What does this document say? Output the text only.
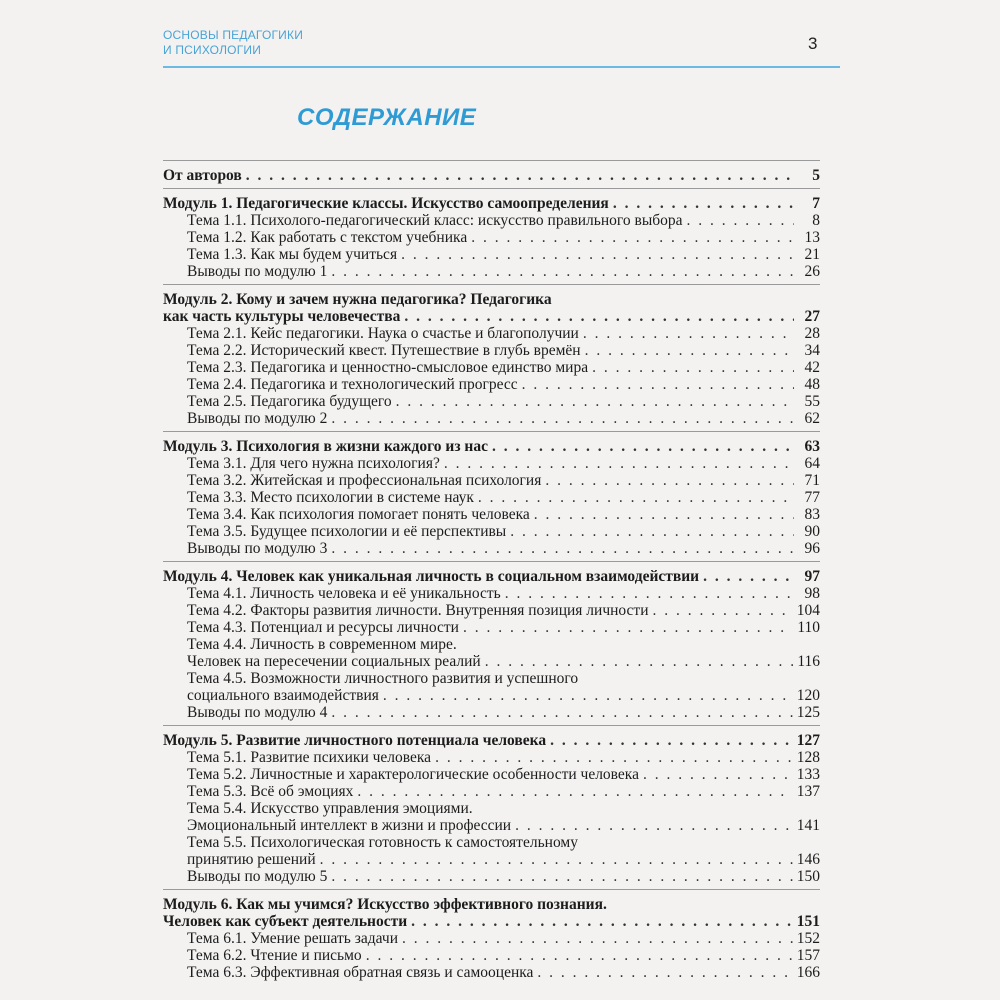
ОСНОВЫ ПЕДАГОГИКИ
И ПСИХОЛОГИИ	3
СОДЕРЖАНИЕ
От авторов . . .	5
Модуль 1. Педагогические классы. Искусство самоопределения . . .	7
Тема 1.1. Психолого-педагогический класс: искусство правильного выбора . . .	8
Тема 1.2. Как работать с текстом учебника . . .	13
Тема 1.3. Как мы будем учиться . . .	21
Выводы по модулю 1 . . .	26
Модуль 2. Кому и зачем нужна педагогика? Педагогика
как часть культуры человечества . . .	27
Тема 2.1. Кейс педагогики. Наука о счастье и благополучии . . .	28
Тема 2.2. Исторический квест. Путешествие в глубь времён . . .	34
Тема 2.3. Педагогика и ценностно-смысловое единство мира . . .	42
Тема 2.4. Педагогика и технологический прогресс . . .	48
Тема 2.5. Педагогика будущего . . .	55
Выводы по модулю 2 . . .	62
Модуль 3. Психология в жизни каждого из нас . . .	63
Тема 3.1. Для чего нужна психология? . . .	64
Тема 3.2. Житейская и профессиональная психология . . .	71
Тема 3.3. Место психологии в системе наук . . .	77
Тема 3.4. Как психология помогает понять человека . . .	83
Тема 3.5. Будущее психологии и её перспективы . . .	90
Выводы по модулю 3 . . .	96
Модуль 4. Человек как уникальная личность в социальном взаимодействии . . .	97
Тема 4.1. Личность человека и её уникальность . . .	98
Тема 4.2. Факторы развития личности. Внутренняя позиция личности . . .	104
Тема 4.3. Потенциал и ресурсы личности . . .	110
Тема 4.4. Личность в современном мире.
Человек на пересечении социальных реалий . . .	116
Тема 4.5. Возможности личностного развития и успешного
социального взаимодействия . . .	120
Выводы по модулю 4 . . .	125
Модуль 5. Развитие личностного потенциала человека . . .	127
Тема 5.1. Развитие психики человека . . .	128
Тема 5.2. Личностные и характерологические особенности человека . . .	133
Тема 5.3. Всё об эмоциях . . .	137
Тема 5.4. Искусство управления эмоциями.
Эмоциональный интеллект в жизни и профессии . . .	141
Тема 5.5. Психологическая готовность к самостоятельному
принятию решений . . .	146
Выводы по модулю 5 . . .	150
Модуль 6. Как мы учимся? Искусство эффективного познания.
Человек как субъект деятельности . . .	151
Тема 6.1. Умение решать задачи . . .	152
Тема 6.2. Чтение и письмо . . .	157
Тема 6.3. Эффективная обратная связь и самооценка . . .	166
